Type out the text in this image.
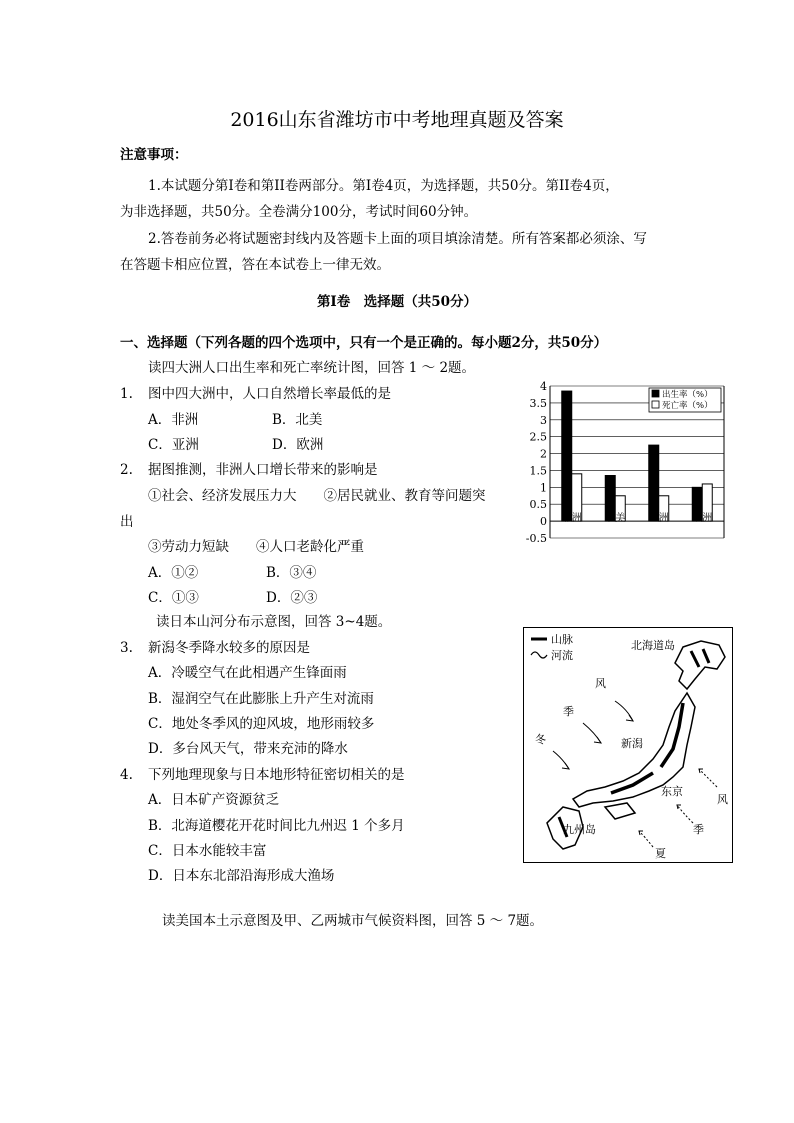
2016山东省潍坊市中考地理真题及答案
注意事项：
1.本试题分第Ⅰ卷和第II卷两部分。第Ⅰ卷4页，为选择题，共50分。第II卷4页，
为非选择题，共50分。全卷满分100分，考试时间60分钟。
2.答卷前务必将试题密封线内及答题卡上面的项目填涂清楚。所有答案都必须涂、写
在答题卡相应位置，答在本试卷上一律无效。
第Ⅰ卷　选择题（共50分）
一、选择题（下列各题的四个选项中，只有一个是正确的。每小题2分，共50分）
读四大洲人口出生率和死亡率统计图，回答 1 ～ 2题。
1. 图中四大洲中，人口自然增长率最低的是
A．非洲	B．北美
C．亚洲	D．欧洲
2. 据图推测，非洲人口增长带来的影响是
①社会、经济发展压力大　　②居民就业、教育等问题突
出
③劳动力短缺　　④人口老龄化严重
A．①②	B．③④
C．①③	D．②③
读日本山河分布示意图，回答 3~4题。
3. 新潟冬季降水较多的原因是
A．冷暖空气在此相遇产生锋面雨
B．湿润空气在此膨胀上升产生对流雨
C．地处冬季风的迎风坡，地形雨较多
D．多台风天气，带来充沛的降水
4. 下列地理现象与日本地形特征密切相关的是
A．日本矿产资源贫乏
B．北海道樱花开花时间比九州迟 1 个多月
C．日本水能较丰富
D．日本东北部沿海形成大渔场
读美国本土示意图及甲、乙两城市气候资料图，回答 5 ～ 7题。
4
3.5
3
2.5
2
1.5
1
0.5
0
-0.5
非洲 北美 亚洲 欧洲
出生率（%）
死亡率（%）
山脉
河流
北海道岛
新潟
东京
九州岛
风
季
冬
风
季
夏
